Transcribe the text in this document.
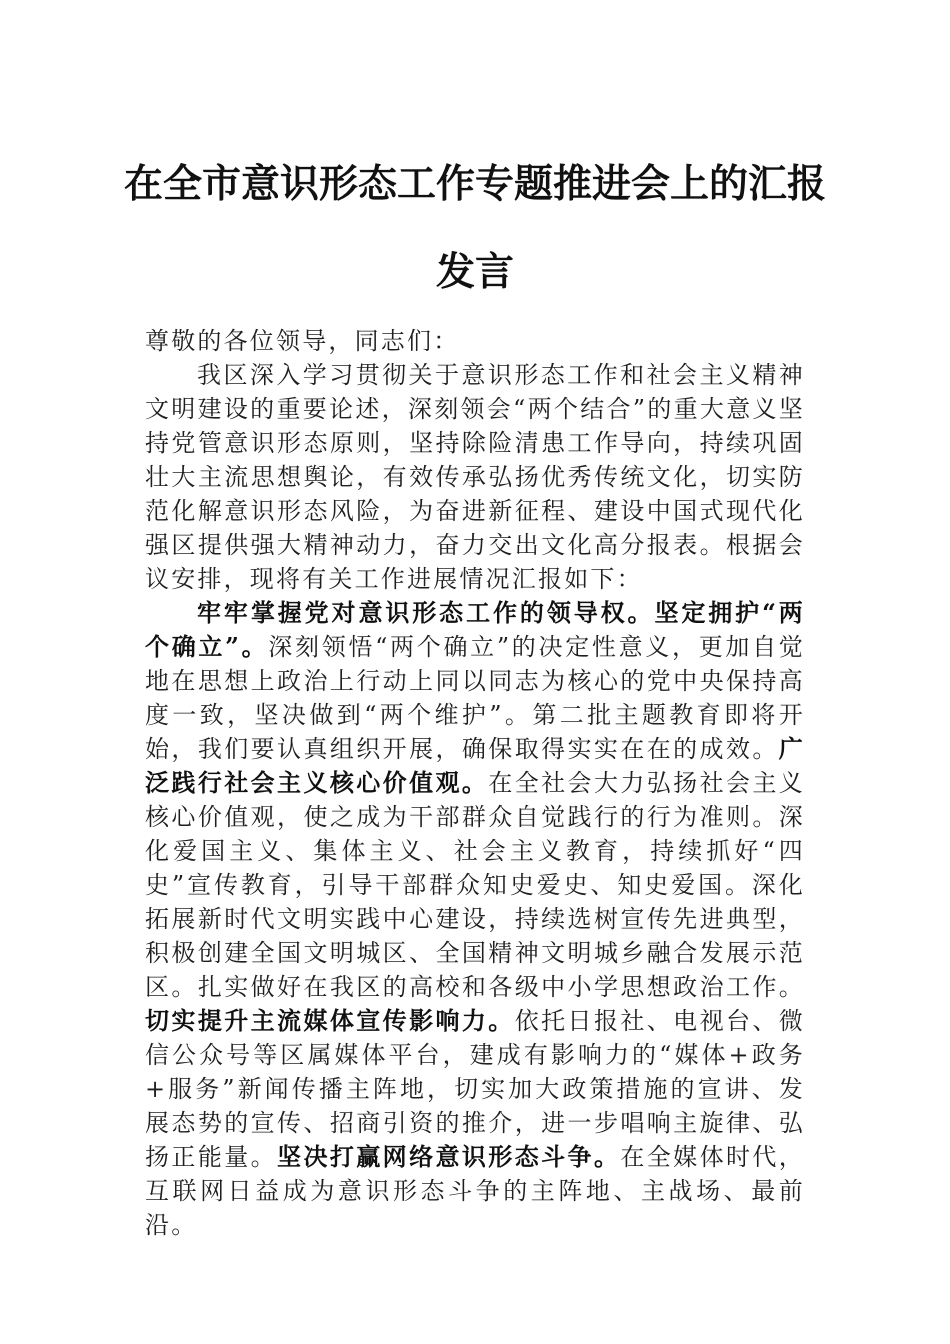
在全市意识形态工作专题推进会上的汇报
发言

尊敬的各位领导，同志们：

我区深入学习贯彻关于意识形态工作和社会主义精神文明建设的重要论述，深刻领会“两个结合”的重大意义坚持党管意识形态原则，坚持除险清患工作导向，持续巩固壮大主流思想舆论，有效传承弘扬优秀传统文化，切实防范化解意识形态风险，为奋进新征程、建设中国式现代化强区提供强大精神动力，奋力交出文化高分报表。根据会议安排，现将有关工作进展情况汇报如下：

牢牢掌握党对意识形态工作的领导权。坚定拥护“两个确立”。深刻领悟“两个确立”的决定性意义，更加自觉地在思想上政治上行动上同以同志为核心的党中央保持高度一致，坚决做到“两个维护”。第二批主题教育即将开始，我们要认真组织开展，确保取得实实在在的成效。广泛践行社会主义核心价值观。在全社会大力弘扬社会主义核心价值观，使之成为干部群众自觉践行的行为准则。深化爱国主义、集体主义、社会主义教育，持续抓好“四史”宣传教育，引导干部群众知史爱史、知史爱国。深化拓展新时代文明实践中心建设，持续选树宣传先进典型，积极创建全国文明城区、全国精神文明城乡融合发展示范区。扎实做好在我区的高校和各级中小学思想政治工作。切实提升主流媒体宣传影响力。依托日报社、电视台、微信公众号等区属媒体平台，建成有影响力的“媒体+政务+服务”新闻传播主阵地，切实加大政策措施的宣讲、发展态势的宣传、招商引资的推介，进一步唱响主旋律、弘扬正能量。坚决打赢网络意识形态斗争。在全媒体时代，互联网日益成为意识形态斗争的主阵地、主战场、最前沿。
